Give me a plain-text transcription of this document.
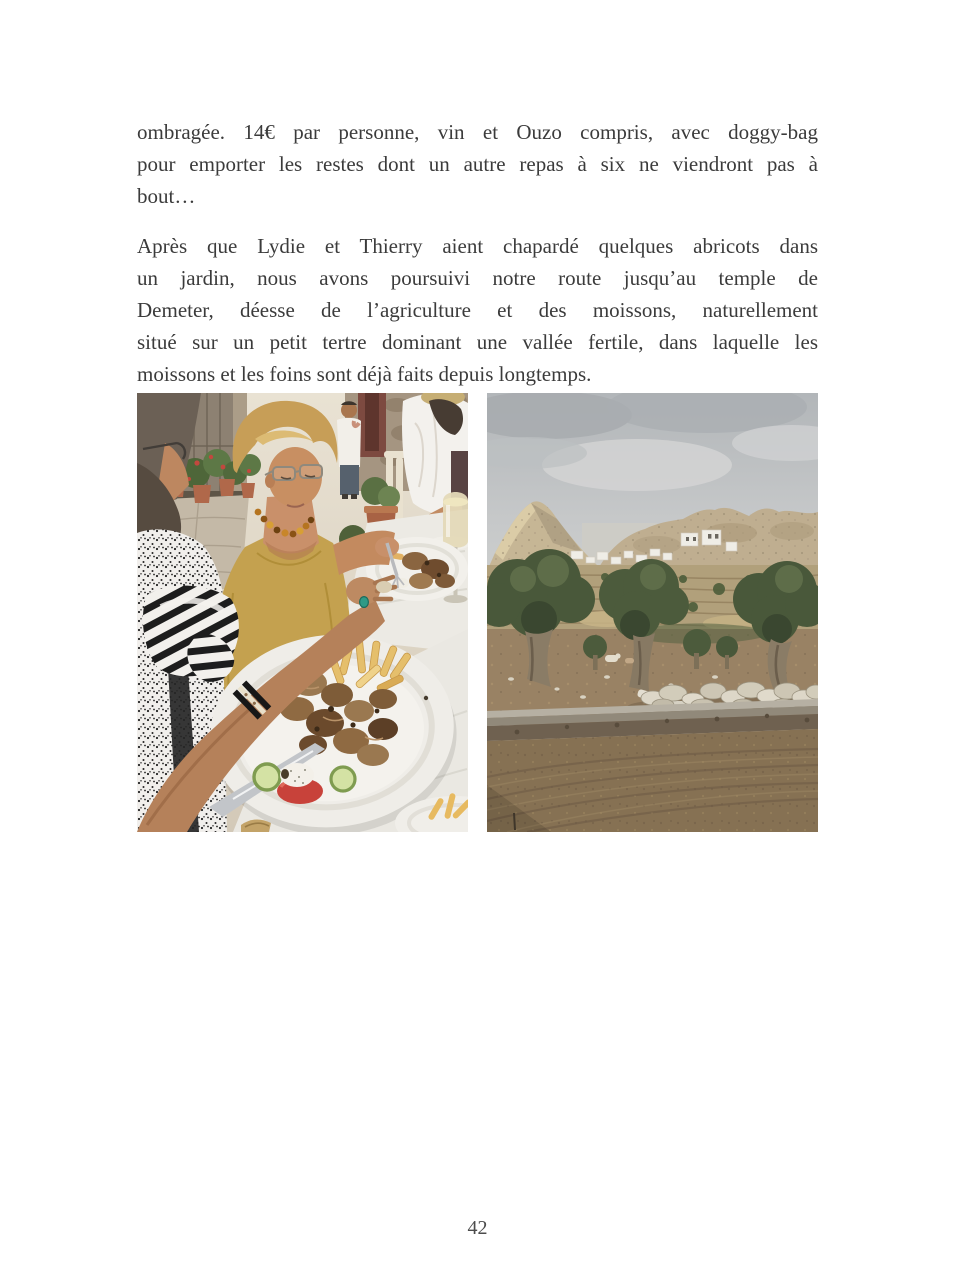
ombragée. 14€ par personne, vin et Ouzo compris, avec doggy-bag
pour emporter les restes dont un autre repas à six ne viendront pas à
bout…

Après que Lydie et Thierry aient chapardé quelques abricots dans
un jardin, nous avons poursuivi notre route jusqu’au temple de
Demeter, déesse de l’agriculture et des moissons, naturellement
situé sur un petit tertre dominant une vallée fertile, dans laquelle les
moissons et les foins sont déjà faits depuis longtemps.

42
